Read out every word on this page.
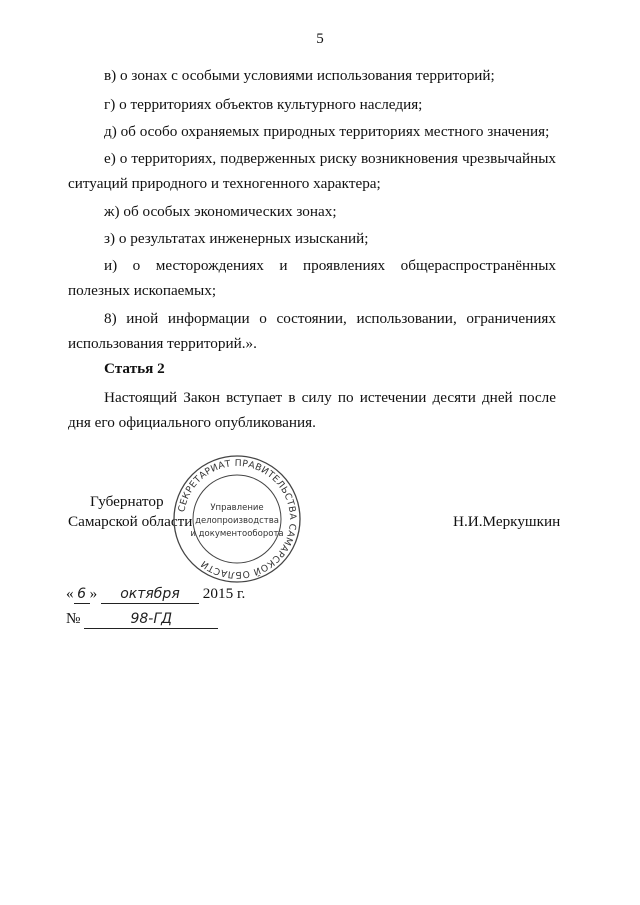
5
в) о зонах с особыми условиями использования территорий;
г) о территориях объектов культурного наследия;
д) об особо охраняемых природных территориях местного значения;
е) о территориях, подверженных риску возникновения чрезвычайных ситуаций природного и техногенного характера;
ж) об особых экономических зонах;
з) о результатах инженерных изысканий;
и) о месторождениях и проявлениях общераспространённых полезных ископаемых;
8) иной информации о состоянии, использовании, ограничениях использования территорий.».
Статья 2
Настоящий Закон вступает в силу по истечении десяти дней после дня его официального опубликования.
Губернатор
Самарской области
СЕКРЕТАРИАТ ПРАВИТЕЛЬСТВА САМАРСКОЙ ОБЛАСТИ
Управление
делопроизводства
и документооборота
Н.И.Меркушкин
« 6 » октября 2015 г.
№	98-ГД
